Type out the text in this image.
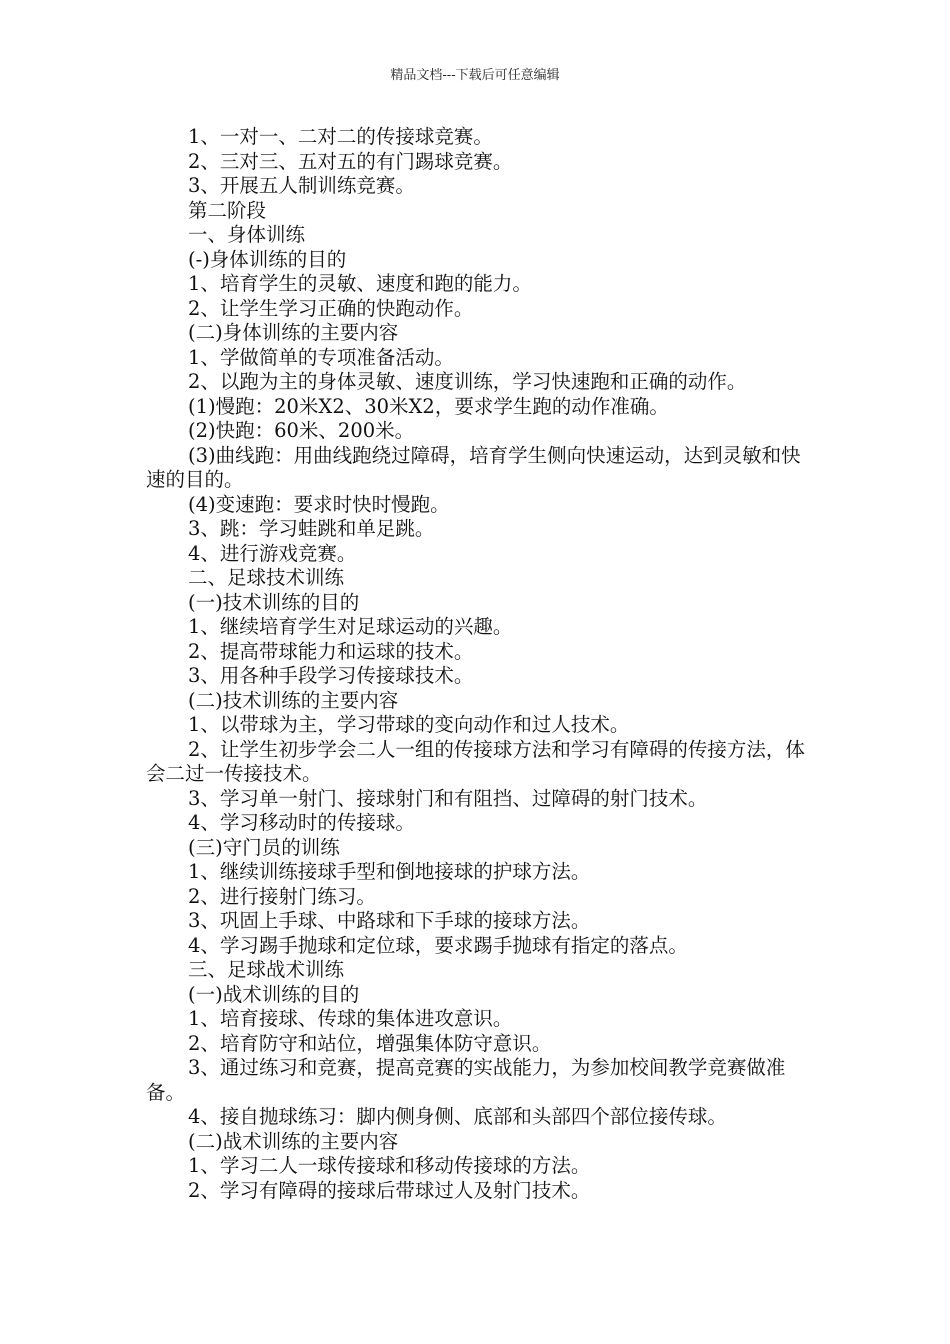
精品文档---下载后可任意编辑
1、一对一、二对二的传接球竞赛。
2、三对三、五对五的有门踢球竞赛。
3、开展五人制训练竞赛。
第二阶段
一、身体训练
(-)身体训练的目的
1、培育学生的灵敏、速度和跑的能力。
2、让学生学习正确的快跑动作。
(二)身体训练的主要内容
1、学做简单的专项准备活动。
2、以跑为主的身体灵敏、速度训练，学习快速跑和正确的动作。
(1)慢跑：20米X2、30米X2，要求学生跑的动作准确。
(2)快跑：60米、200米。
(3)曲线跑：用曲线跑绕过障碍，培育学生侧向快速运动，达到灵敏和快速的目的。
(4)变速跑：要求时快时慢跑。
3、跳：学习蛙跳和单足跳。
4、进行游戏竞赛。
二、足球技术训练
(一)技术训练的目的
1、继续培育学生对足球运动的兴趣。
2、提高带球能力和运球的技术。
3、用各种手段学习传接球技术。
(二)技术训练的主要内容
1、以带球为主，学习带球的变向动作和过人技术。
2、让学生初步学会二人一组的传接球方法和学习有障碍的传接方法，体会二过一传接技术。
3、学习单一射门、接球射门和有阻挡、过障碍的射门技术。
4、学习移动时的传接球。
(三)守门员的训练
1、继续训练接球手型和倒地接球的护球方法。
2、进行接射门练习。
3、巩固上手球、中路球和下手球的接球方法。
4、学习踢手抛球和定位球，要求踢手抛球有指定的落点。
三、足球战术训练
(一)战术训练的目的
1、培育接球、传球的集体进攻意识。
2、培育防守和站位，增强集体防守意识。
3、通过练习和竞赛，提高竞赛的实战能力，为参加校间教学竞赛做准备。
4、接自抛球练习：脚内侧身侧、底部和头部四个部位接传球。
(二)战术训练的主要内容
1、学习二人一球传接球和移动传接球的方法。
2、学习有障碍的接球后带球过人及射门技术。
